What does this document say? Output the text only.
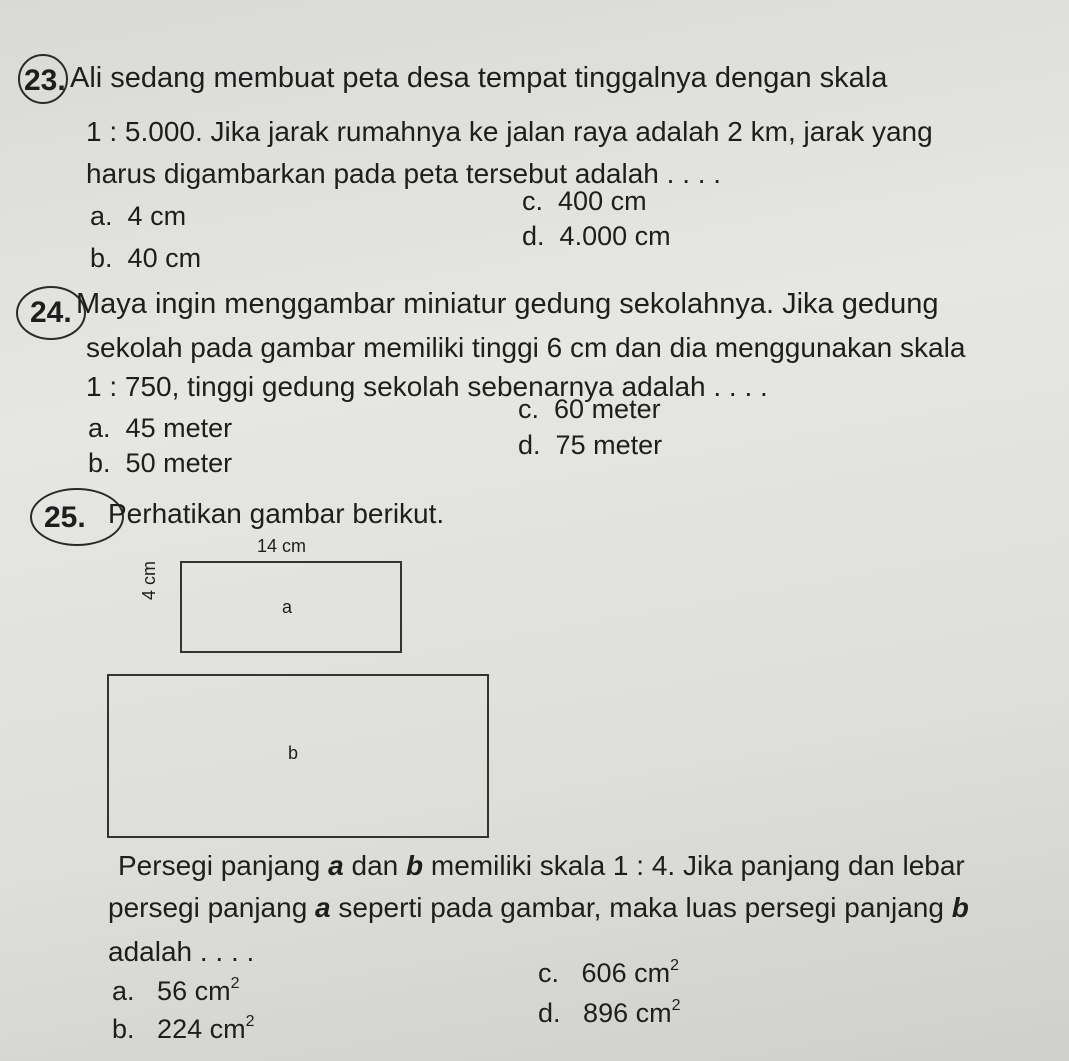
23. Ali sedang membuat peta desa tempat tinggalnya dengan skala
1 : 5.000. Jika jarak rumahnya ke jalan raya adalah 2 km, jarak yang
harus digambarkan pada peta tersebut adalah . . . .
a. 4 cm
b. 40 cm
c. 400 cm
d. 4.000 cm
24. Maya ingin menggambar miniatur gedung sekolahnya. Jika gedung
sekolah pada gambar memiliki tinggi 6 cm dan dia menggunakan skala
1 : 750, tinggi gedung sekolah sebenarnya adalah . . . .
a. 45 meter
b. 50 meter
c. 60 meter
d. 75 meter
25. Perhatikan gambar berikut.
14 cm
4 cm
a
b
Persegi panjang a dan b memiliki skala 1 : 4. Jika panjang dan lebar
persegi panjang a seperti pada gambar, maka luas persegi panjang b
adalah . . . .
a. 56 $cm^2$
b. 224 $cm^2$
c. 606 $cm^2$
d. 896 $cm^2$
